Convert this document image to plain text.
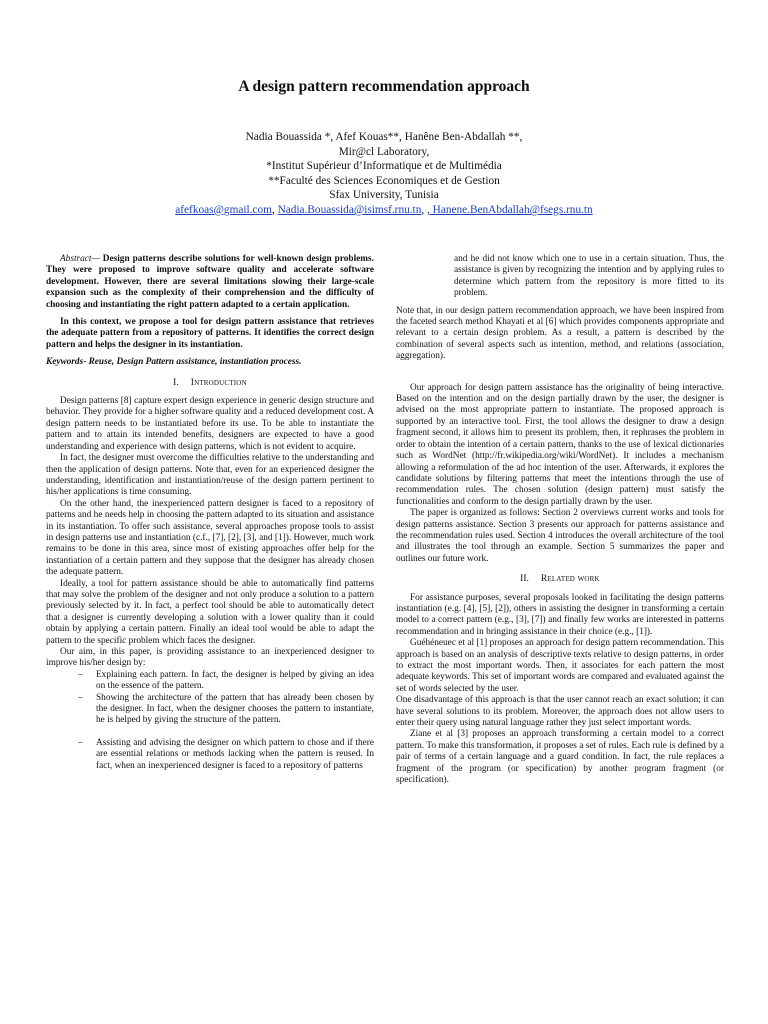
A design pattern recommendation approach
Nadia Bouassida *, Afef Kouas**, Hanêne Ben-Abdallah **,
Mir@cl Laboratory,
*Institut Supérieur d’Informatique et de Multimédia
**Faculté des Sciences Economiques et de Gestion
Sfax University, Tunisia
afefkoas@gmail.com, Nadia.Bouassida@isimsf.rnu.tn, , Hanene.BenAbdallah@fsegs.rnu.tn

Abstract— Design patterns describe solutions for well-known design problems. They were proposed to improve software quality and accelerate software development. However, there are several limitations slowing their large-scale expansion such as the complexity of their comprehension and the difficulty of choosing and instantiating the right pattern adapted to a certain application.

In this context, we propose a tool for design pattern assistance that retrieves the adequate pattern from a repository of patterns. It identifies the correct design pattern and helps the designer in its instantiation.

Keywords- Reuse, Design Pattern assistance, instantiation process.

I. Introduction

Design patterns [8] capture expert design experience in generic design structure and behavior. They provide for a higher software quality and a reduced development cost. A design pattern needs to be instantiated before its use. To be able to instantiate the pattern and to attain its intended benefits, designers are expected to have a good understanding and experience with design patterns, which is not evident to acquire.

In fact, the designer must overcome the difficulties relative to the understanding and then the application of design patterns. Note that, even for an experienced designer the understanding, identification and instantiation/reuse of the design pattern pertinent to his/her applications is time consuming.

On the other hand, the inexperienced pattern designer is faced to a repository of patterns and he needs help in choosing the pattern adapted to its situation and assistance in its instantiation. To offer such assistance, several approaches propose tools to assist in design patterns use and instantiation (c.f., [7], [2], [3], and [1]). However, much work remains to be done in this area, since most of existing approaches offer help for the instantiation of a certain pattern and they suppose that the designer has already chosen the adequate pattern.

Ideally, a tool for pattern assistance should be able to automatically find patterns that may solve the problem of the designer and not only produce a solution to a pattern previously selected by it. In fact, a perfect tool should be able to automatically detect that a designer is currently developing a solution with a lower quality than it could obtain by applying a certain pattern. Finally an ideal tool would be able to adapt the pattern to the specific problem which faces the designer.

Our aim, in this paper, is providing assistance to an inexperienced designer to improve his/her design by:

– Explaining each pattern. In fact, the designer is helped by giving an idea on the essence of the pattern.
– Showing the architecture of the pattern that has already been chosen by the designer. In fact, when the designer chooses the pattern to instantiate, he is helped by giving the structure of the pattern.
– Assisting and advising the designer on which pattern to chose and if there are essential relations or methods lacking when the pattern is reused. In fact, when an inexperienced designer is faced to a repository of patterns

and he did not know which one to use in a certain situation. Thus, the assistance is given by recognizing the intention and by applying rules to determine which pattern from the repository is more fitted to its problem.

Note that, in our design pattern recommendation approach, we have been inspired from the faceted search method Khayati et al [6] which provides components appropriate and relevant to a certain design problem. As a result, a pattern is described by the combination of several aspects such as intention, method, and relations (association, aggregation).

Our approach for design pattern assistance has the originality of being interactive. Based on the intention and on the design partially drawn by the user, the designer is advised on the most appropriate pattern to instantiate. The proposed approach is supported by an interactive tool. First, the tool allows the designer to draw a design fragment second, it allows him to present its problem, then, it rephrases the problem in order to obtain the intention of a certain pattern, thanks to the use of lexical dictionaries such as WordNet (http://fr.wikipedia.org/wiki/WordNet). It includes a mechanism allowing a reformulation of the ad hoc intention of the user. Afterwards, it explores the candidate solutions by filtering patterns that meet the intentions through the use of recommendation rules. The chosen solution (design pattern) must satisfy the functionalities and conform to the design partially drawn by the user.

The paper is organized as follows: Section 2 overviews current works and tools for design patterns assistance. Section 3 presents our approach for patterns assistance and the recommendation rules used. Section 4 introduces the overall architecture of the tool and illustrates the tool through an example. Section 5 summarizes the paper and outlines our future work.

II. Related work

For assistance purposes, several proposals looked in facilitating the design patterns instantiation (e.g. [4], [5], [2]), others in assisting the designer in transforming a certain model to a correct pattern (e.g., [3], [7]) and finally few works are interested in patterns recommendation and in bringing assistance in their choice (e.g., [1]).

Guéhéneuec et al [1] proposes an approach for design pattern recommendation. This approach is based on an analysis of descriptive texts relative to design patterns, in order to extract the most important words. Then, it associates for each pattern the most adequate keywords. This set of important words are compared and evaluated against the set of words selected by the user.

One disadvantage of this approach is that the user cannot reach an exact solution; it can have several solutions to its problem. Moreover, the approach does not allow users to enter their query using natural language rather they just select important words.

Ziane et al [3] proposes an approach transforming a certain model to a correct pattern. To make this transformation, it proposes a set of rules. Each rule is defined by a pair of terms of a certain language and a guard condition. In fact, the rule replaces a fragment of the program (or specification) by another program fragment (or specification).
